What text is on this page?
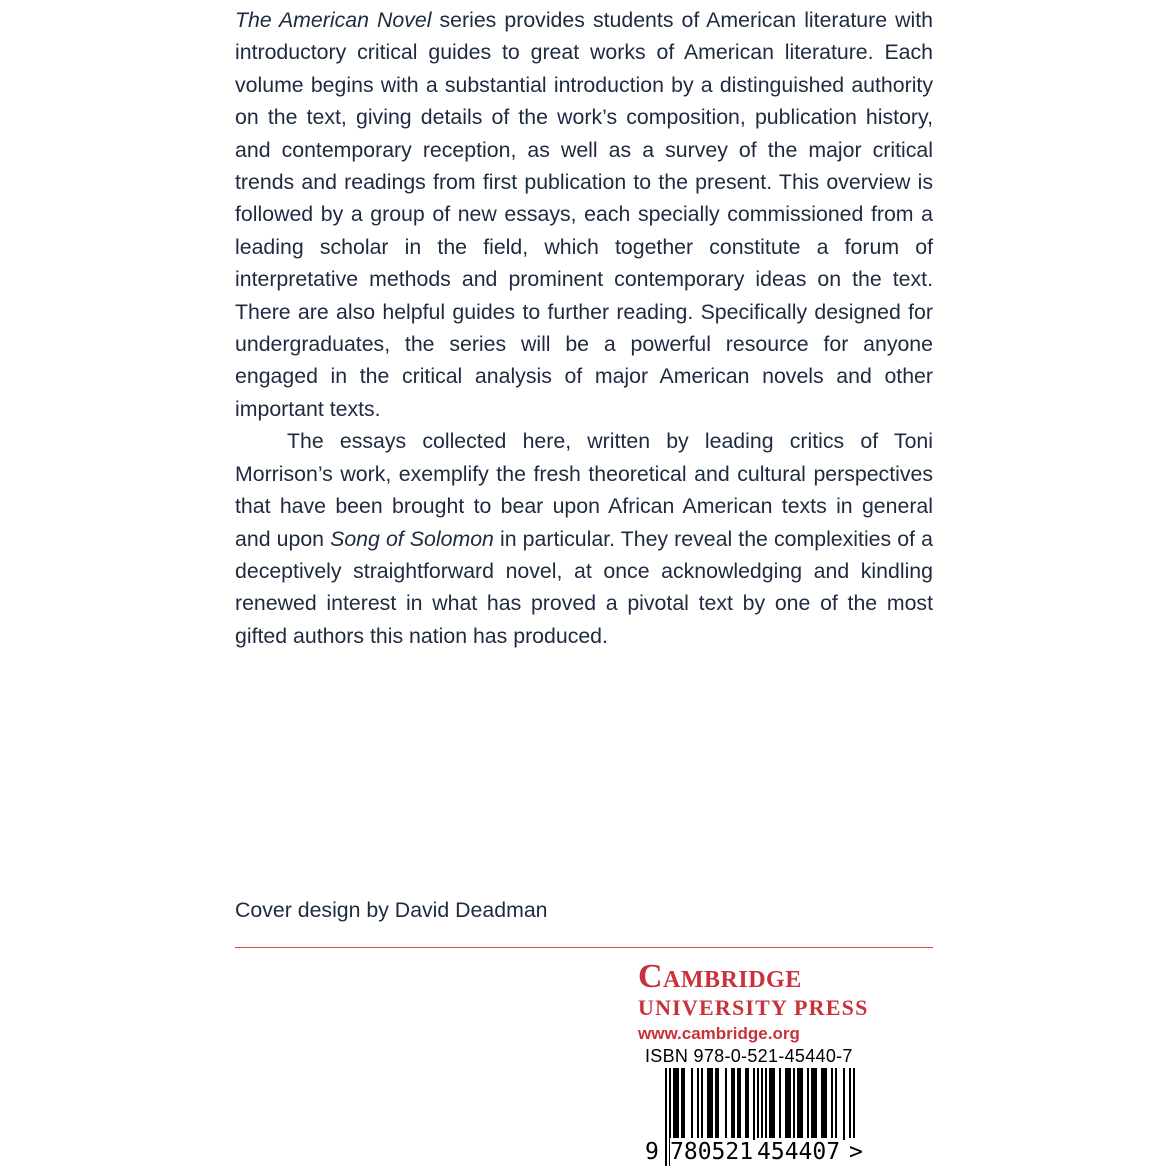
The American Novel series provides students of American literature with introductory critical guides to great works of American literature. Each volume begins with a substantial introduction by a distinguished authority on the text, giving details of the work’s composition, publication history, and contemporary reception, as well as a survey of the major critical trends and readings from first publication to the present. This overview is followed by a group of new essays, each specially commissioned from a leading scholar in the field, which together constitute a forum of interpretative methods and prominent contemporary ideas on the text. There are also helpful guides to further reading. Specifically designed for undergraduates, the series will be a powerful resource for anyone engaged in the critical analysis of major American novels and other important texts.

The essays collected here, written by leading critics of Toni Morrison’s work, exemplify the fresh theoretical and cultural perspectives that have been brought to bear upon African American texts in general and upon Song of Solomon in particular. They reveal the complexities of a deceptively straightforward novel, at once acknowledging and kindling renewed interest in what has proved a pivotal text by one of the most gifted authors this nation has produced.

Cover design by David Deadman
Cambridge
UNIVERSITY PRESS
www.cambridge.org
ISBN 978-0-521-45440-7
9 780521 454407 >
